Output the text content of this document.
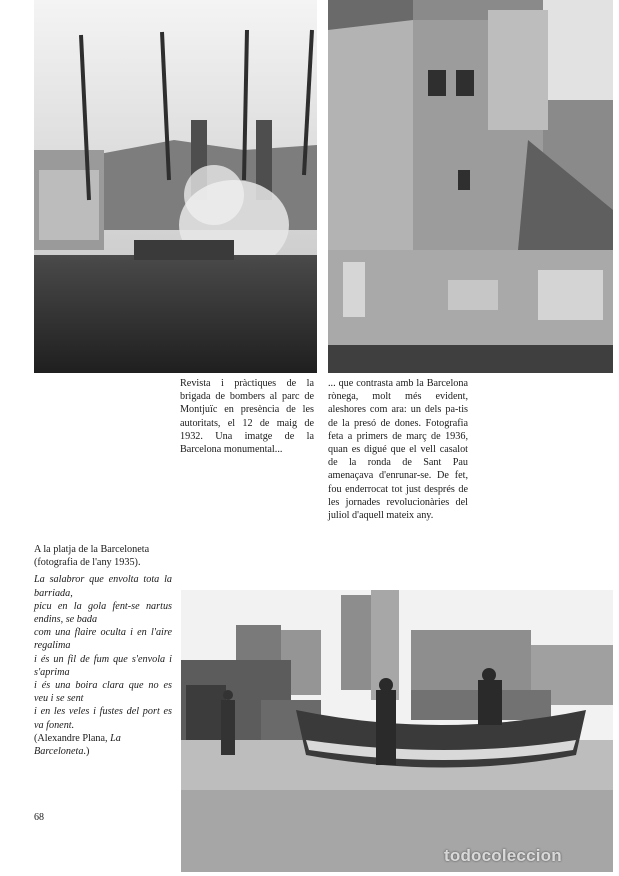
Revista i pràctiques de la brigada de bombers al parc de Montjuïc en presència de les autoritats, el 12 de maig de 1932. Una imatge de la Barcelona monumental...

... que contrasta amb la Barcelona rònega, molt més evident, aleshores com ara: un dels pa-tis de la presó de dones. Fotografia feta a primers de març de 1936, quan es digué que el vell casalot de la ronda de Sant Pau amenaçava d'enrunar-se. De fet, fou enderrocat tot just després de les jornades revolucionàries del juliol d'aquell mateix any.

A la platja de la Barceloneta (fotografia de l'any 1935).

La salabror que envolta tota la barriada,
picu en la gola fent-se nartus endins, se bada
com una flaire oculta i en l'aire regalima
i és un fil de fum que s'envola i s'aprima
i és una boira clara que no es veu i se sent
i en les veles i fustes del port es va fonent.

(Alexandre Plana, La Barceloneta.)

68
todocoleccion
